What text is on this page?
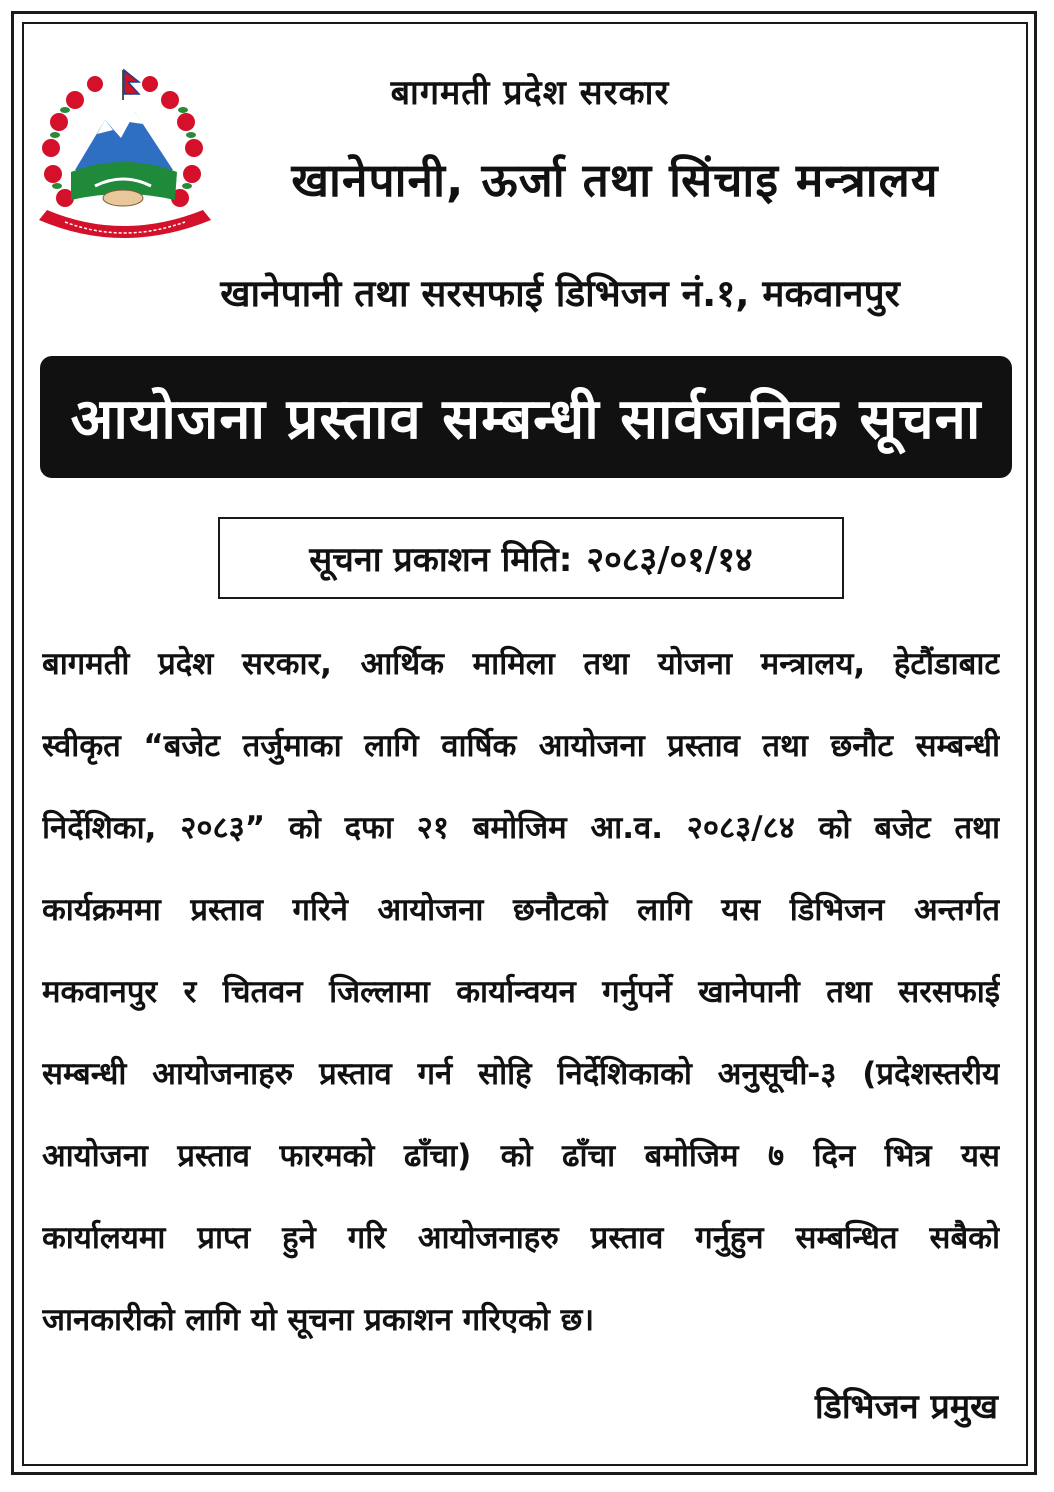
बागमती प्रदेश सरकार
खानेपानी, ऊर्जा तथा सिंचाइ मन्त्रालय
खानेपानी तथा सरसफाई डिभिजन नं.१, मकवानपुर
आयोजना प्रस्ताव सम्बन्धी सार्वजनिक सूचना
सूचना प्रकाशन मिति: २०८३/०१/१४
बागमती प्रदेश सरकार, आर्थिक मामिला तथा योजना मन्त्रालय, हेटौंडाबाट
स्वीकृत “बजेट तर्जुमाका लागि वार्षिक आयोजना प्रस्ताव तथा छनौट सम्बन्धी
निर्देशिका, २०८३” को दफा २१ बमोजिम आ.व. २०८३/८४ को बजेट तथा
कार्यक्रममा प्रस्ताव गरिने आयोजना छनौटको लागि यस डिभिजन अन्तर्गत
मकवानपुर र चितवन जिल्लामा कार्यान्वयन गर्नुपर्ने खानेपानी तथा सरसफाई
सम्बन्धी आयोजनाहरु प्रस्ताव गर्न सोहि निर्देशिकाको अनुसूची-३ (प्रदेशस्तरीय
आयोजना प्रस्ताव फारमको ढाँचा) को ढाँचा बमोजिम ७ दिन भित्र यस
कार्यालयमा प्राप्त हुने गरि आयोजनाहरु प्रस्ताव गर्नुहुन सम्बन्धित सबैको
जानकारीको लागि यो सूचना प्रकाशन गरिएको छ।
डिभिजन प्रमुख
